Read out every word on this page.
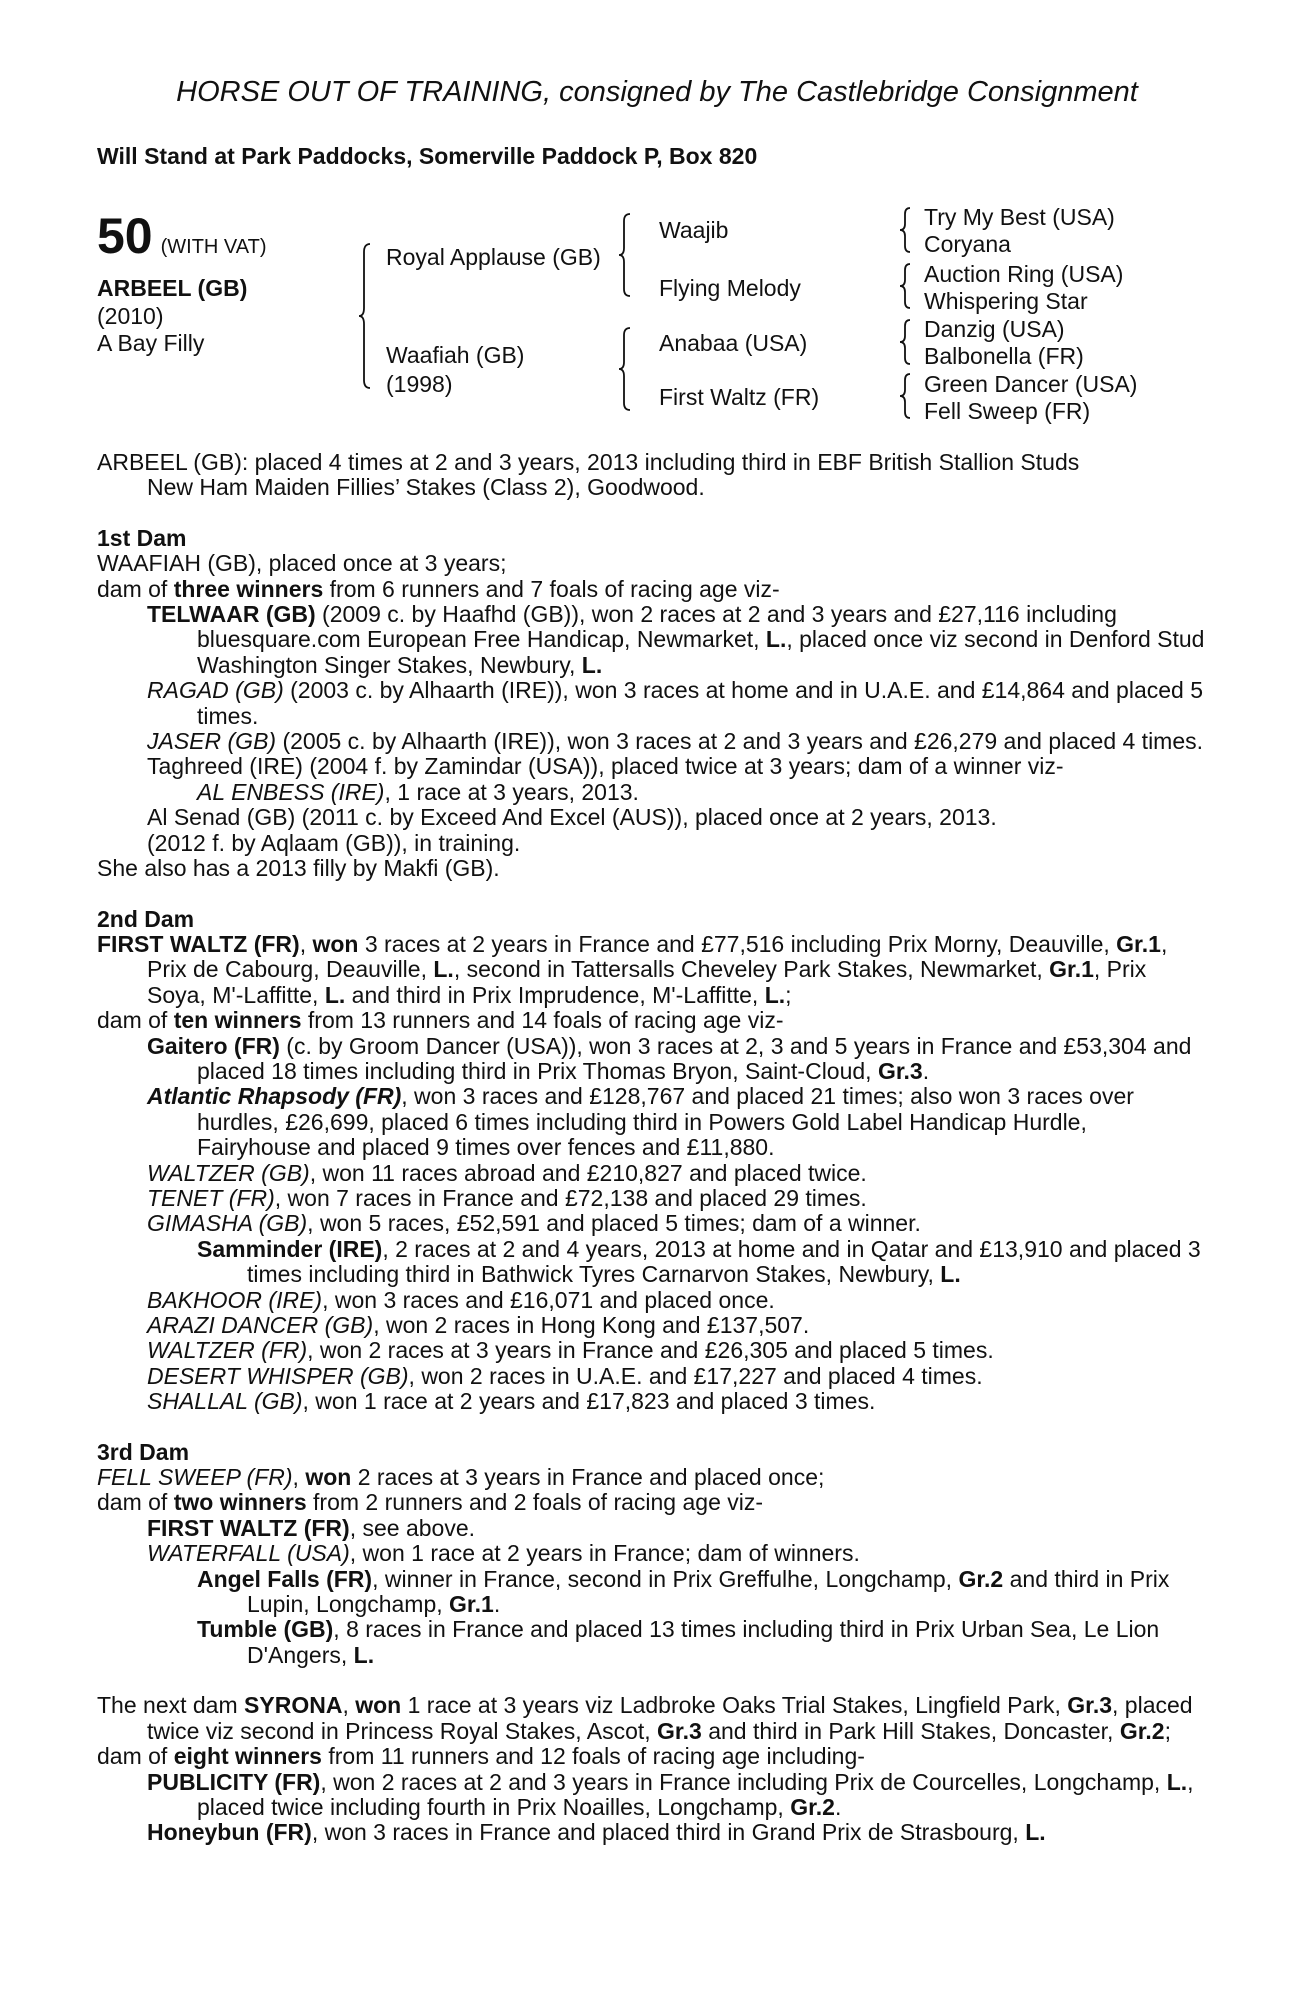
HORSE OUT OF TRAINING, consigned by The Castlebridge Consignment
Will Stand at Park Paddocks, Somerville Paddock P, Box 820
50 (WITH VAT)
ARBEEL (GB)
(2010)
A Bay Filly
Royal Applause (GB)
Waafiah (GB)
(1998)
Waajib
Flying Melody
Anabaa (USA)
First Waltz (FR)
Try My Best (USA)
Coryana
Auction Ring (USA)
Whispering Star
Danzig (USA)
Balbonella (FR)
Green Dancer (USA)
Fell Sweep (FR)
ARBEEL (GB): placed 4 times at 2 and 3 years, 2013 including third in EBF British Stallion Studs
New Ham Maiden Fillies’ Stakes (Class 2), Goodwood.
1st Dam
WAAFIAH (GB), placed once at 3 years;
dam of three winners from 6 runners and 7 foals of racing age viz-
TELWAAR (GB) (2009 c. by Haafhd (GB)), won 2 races at 2 and 3 years and £27,116 including bluesquare.com European Free Handicap, Newmarket, L., placed once viz second in Denford Stud Washington Singer Stakes, Newbury, L.
RAGAD (GB) (2003 c. by Alhaarth (IRE)), won 3 races at home and in U.A.E. and £14,864 and placed 5 times.
JASER (GB) (2005 c. by Alhaarth (IRE)), won 3 races at 2 and 3 years and £26,279 and placed 4 times.
Taghreed (IRE) (2004 f. by Zamindar (USA)), placed twice at 3 years; dam of a winner viz-
AL ENBESS (IRE), 1 race at 3 years, 2013.
Al Senad (GB) (2011 c. by Exceed And Excel (AUS)), placed once at 2 years, 2013.
(2012 f. by Aqlaam (GB)), in training.
She also has a 2013 filly by Makfi (GB).
2nd Dam
FIRST WALTZ (FR), won 3 races at 2 years in France and £77,516 including Prix Morny, Deauville, Gr.1, Prix de Cabourg, Deauville, L., second in Tattersalls Cheveley Park Stakes, Newmarket, Gr.1, Prix Soya, M'-Laffitte, L. and third in Prix Imprudence, M'-Laffitte, L.;
dam of ten winners from 13 runners and 14 foals of racing age viz-
Gaitero (FR) (c. by Groom Dancer (USA)), won 3 races at 2, 3 and 5 years in France and £53,304 and placed 18 times including third in Prix Thomas Bryon, Saint-Cloud, Gr.3.
Atlantic Rhapsody (FR), won 3 races and £128,767 and placed 21 times; also won 3 races over hurdles, £26,699, placed 6 times including third in Powers Gold Label Handicap Hurdle, Fairyhouse and placed 9 times over fences and £11,880.
WALTZER (GB), won 11 races abroad and £210,827 and placed twice.
TENET (FR), won 7 races in France and £72,138 and placed 29 times.
GIMASHA (GB), won 5 races, £52,591 and placed 5 times; dam of a winner.
Samminder (IRE), 2 races at 2 and 4 years, 2013 at home and in Qatar and £13,910 and placed 3 times including third in Bathwick Tyres Carnarvon Stakes, Newbury, L.
BAKHOOR (IRE), won 3 races and £16,071 and placed once.
ARAZI DANCER (GB), won 2 races in Hong Kong and £137,507.
WALTZER (FR), won 2 races at 3 years in France and £26,305 and placed 5 times.
DESERT WHISPER (GB), won 2 races in U.A.E. and £17,227 and placed 4 times.
SHALLAL (GB), won 1 race at 2 years and £17,823 and placed 3 times.
3rd Dam
FELL SWEEP (FR), won 2 races at 3 years in France and placed once;
dam of two winners from 2 runners and 2 foals of racing age viz-
FIRST WALTZ (FR), see above.
WATERFALL (USA), won 1 race at 2 years in France; dam of winners.
Angel Falls (FR), winner in France, second in Prix Greffulhe, Longchamp, Gr.2 and third in Prix Lupin, Longchamp, Gr.1.
Tumble (GB), 8 races in France and placed 13 times including third in Prix Urban Sea, Le Lion D'Angers, L.
The next dam SYRONA, won 1 race at 3 years viz Ladbroke Oaks Trial Stakes, Lingfield Park, Gr.3, placed twice viz second in Princess Royal Stakes, Ascot, Gr.3 and third in Park Hill Stakes, Doncaster, Gr.2;
dam of eight winners from 11 runners and 12 foals of racing age including-
PUBLICITY (FR), won 2 races at 2 and 3 years in France including Prix de Courcelles, Longchamp, L., placed twice including fourth in Prix Noailles, Longchamp, Gr.2.
Honeybun (FR), won 3 races in France and placed third in Grand Prix de Strasbourg, L.
